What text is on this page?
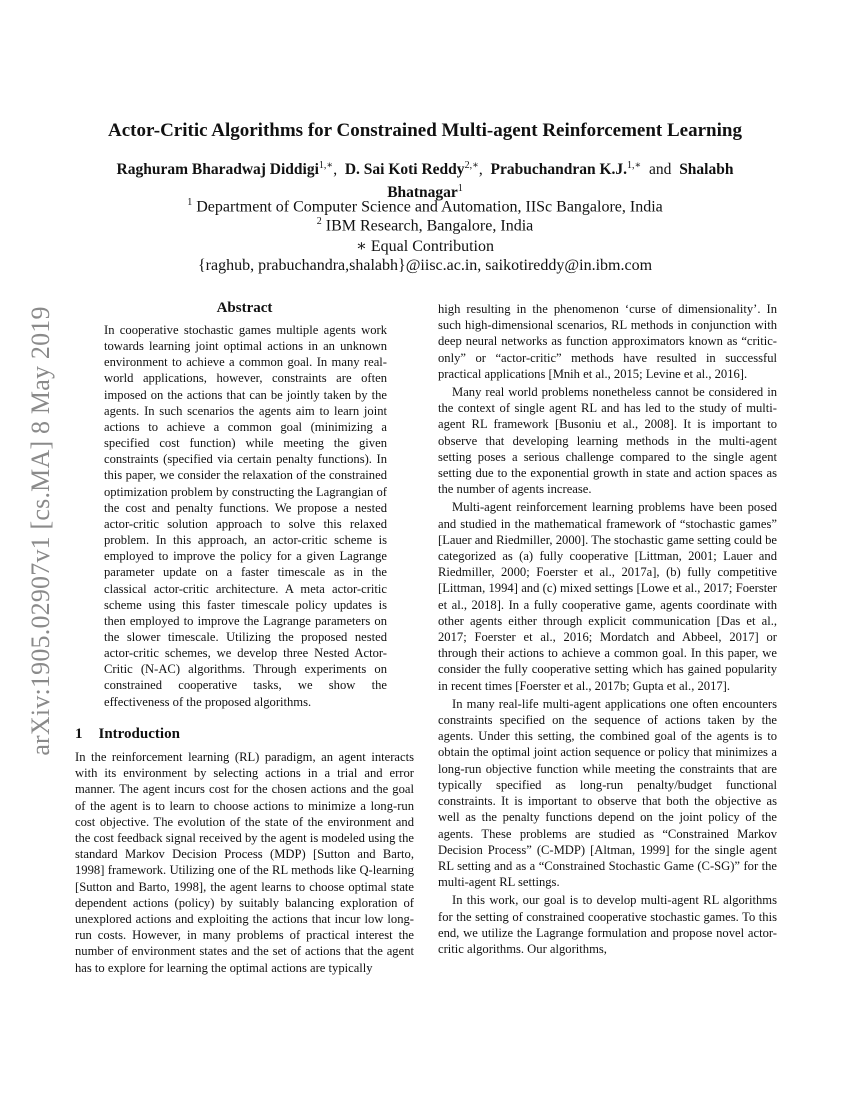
arXiv:1905.02907v1 [cs.MA] 8 May 2019
Actor-Critic Algorithms for Constrained Multi-agent Reinforcement Learning
Raghuram Bharadwaj Diddigi$^{1,∗}$,  D. Sai Koti Reddy$^{2,∗}$,  Prabuchandran K.J.$^{1,∗}$ and Shalabh Bhatnagar$^1$
$^1$ Department of Computer Science and Automation, IISc Bangalore, India
$^2$ IBM Research, Bangalore, India
∗ Equal Contribution
{raghub, prabuchandra,shalabh}@iisc.ac.in, saikotireddy@in.ibm.com
Abstract
In cooperative stochastic games multiple agents work towards learning joint optimal actions in an unknown environment to achieve a common goal. In many real-world applications, however, constraints are often imposed on the actions that can be jointly taken by the agents. In such scenarios the agents aim to learn joint actions to achieve a common goal (minimizing a specified cost function) while meeting the given constraints (specified via certain penalty functions). In this paper, we consider the relaxation of the constrained optimization problem by constructing the Lagrangian of the cost and penalty functions. We propose a nested actor-critic solution approach to solve this relaxed problem. In this approach, an actor-critic scheme is employed to improve the policy for a given Lagrange parameter update on a faster timescale as in the classical actor-critic architecture. A meta actor-critic scheme using this faster timescale policy updates is then employed to improve the Lagrange parameters on the slower timescale. Utilizing the proposed nested actor-critic schemes, we develop three Nested Actor-Critic (N-AC) algorithms. Through experiments on constrained cooperative tasks, we show the effectiveness of the proposed algorithms.
1 Introduction

In the reinforcement learning (RL) paradigm, an agent interacts with its environment by selecting actions in a trial and error manner. The agent incurs cost for the chosen actions and the goal of the agent is to learn to choose actions to minimize a long-run cost objective. The evolution of the state of the environment and the cost feedback signal received by the agent is modeled using the standard Markov Decision Process (MDP) [Sutton and Barto, 1998] framework. Utilizing one of the RL methods like Q-learning [Sutton and Barto, 1998], the agent learns to choose optimal state dependent actions (policy) by suitably balancing exploration of unexplored actions and exploiting the actions that incur low long-run costs. However, in many problems of practical interest the number of environment states and the set of actions that the agent has to explore for learning the optimal actions are typically

high resulting in the phenomenon ‘curse of dimensionality’. In such high-dimensional scenarios, RL methods in conjunction with deep neural networks as function approximators known as “critic-only” or “actor-critic” methods have resulted in successful practical applications [Mnih et al., 2015; Levine et al., 2016].

Many real world problems nonetheless cannot be considered in the context of single agent RL and has led to the study of multi-agent RL framework [Busoniu et al., 2008]. It is important to observe that developing learning methods in the multi-agent setting poses a serious challenge compared to the single agent setting due to the exponential growth in state and action spaces as the number of agents increase.

Multi-agent reinforcement learning problems have been posed and studied in the mathematical framework of “stochastic games” [Lauer and Riedmiller, 2000]. The stochastic game setting could be categorized as (a) fully cooperative [Littman, 2001; Lauer and Riedmiller, 2000; Foerster et al., 2017a], (b) fully competitive [Littman, 1994] and (c) mixed settings [Lowe et al., 2017; Foerster et al., 2018]. In a fully cooperative game, agents coordinate with other agents either through explicit communication [Das et al., 2017; Foerster et al., 2016; Mordatch and Abbeel, 2017] or through their actions to achieve a common goal. In this paper, we consider the fully cooperative setting which has gained popularity in recent times [Foerster et al., 2017b; Gupta et al., 2017].

In many real-life multi-agent applications one often encounters constraints specified on the sequence of actions taken by the agents. Under this setting, the combined goal of the agents is to obtain the optimal joint action sequence or policy that minimizes a long-run objective function while meeting the constraints that are typically specified as long-run penalty/budget functional constraints. It is important to observe that both the objective as well as the penalty functions depend on the joint policy of the agents. These problems are studied as “Constrained Markov Decision Process” (C-MDP) [Altman, 1999] for the single agent RL setting and as a “Constrained Stochastic Game (C-SG)” for the multi-agent RL settings.

In this work, our goal is to develop multi-agent RL algorithms for the setting of constrained cooperative stochastic games. To this end, we utilize the Lagrange formulation and propose novel actor-critic algorithms. Our algorithms,
